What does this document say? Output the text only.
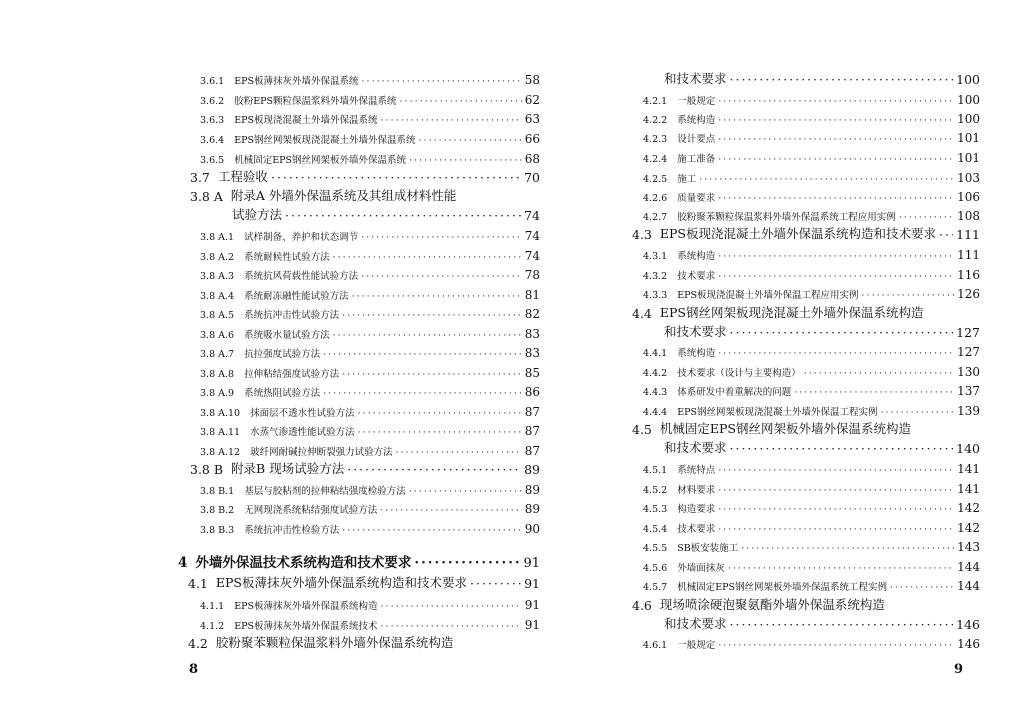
3.6.1 EPS板薄抹灰外墙外保温系统 ·····	58
3.6.2 胶粉EPS颗粒保温浆料外墙外保温系统 ·····	62
3.6.3 EPS板现浇混凝土外墙外保温系统 ·····	63
3.6.4 EPS钢丝网架板现浇混凝土外墙外保温系统 ·····	66
3.6.5 机械固定EPS钢丝网架板外墙外保温系统 ·····	68
3.7 工程验收 ·····	70
3.8 A 附录A 外墙外保温系统及其组成材料性能
试验方法 ·····	74
3.8 A.1 试样制备、养护和状态调节 ·····	74
3.8 A.2 系统耐候性试验方法 ·····	74
3.8 A.3 系统抗风荷载性能试验方法 ·····	78
3.8 A.4 系统耐冻融性能试验方法 ·····	81
3.8 A.5 系统抗冲击性试验方法 ·····	82
3.8 A.6 系统吸水量试验方法 ·····	83
3.8 A.7 抗拉强度试验方法 ·····	83
3.8 A.8 拉伸粘结强度试验方法 ·····	85
3.8 A.9 系统热阻试验方法 ·····	86
3.8 A.10 抹面层不透水性试验方法 ·····	87
3.8 A.11 水蒸气渗透性能试验方法 ·····	87
3.8 A.12 玻纤网耐碱拉伸断裂强力试验方法 ·····	87
3.8 B 附录B 现场试验方法 ·····	89
3.8 B.1 基层与胶粘剂的拉伸粘结强度检验方法 ·····	89
3.8 B.2 无网现浇系统粘结强度试验方法 ·····	89
3.8 B.3 系统抗冲击性检验方法 ·····	90
4 外墙外保温技术系统构造和技术要求 ·····	91
4.1 EPS板薄抹灰外墙外保温系统构造和技术要求 ·····	91
4.1.1 EPS板薄抹灰外墙外保温系统构造 ·····	91
4.1.2 EPS板薄抹灰外墙外保温系统技术 ·····	91
4.2 胶粉聚苯颗粒保温浆料外墙外保温系统构造
8
和技术要求 ·····	100
4.2.1 一般规定 ·····	100
4.2.2 系统构造 ·····	100
4.2.3 设计要点 ·····	101
4.2.4 施工准备 ·····	101
4.2.5 施工 ·····	103
4.2.6 质量要求 ·····	106
4.2.7 胶粉聚苯颗粒保温浆料外墙外保温系统工程应用实例 ·····	108
4.3 EPS板现浇混凝土外墙外保温系统构造和技术要求 ····· 111
4.3.1 系统构造 ·····	111
4.3.2 技术要求 ·····	116
4.3.3 EPS板现浇混凝土外墙外保温工程应用实例 ·····	126
4.4 EPS钢丝网架板现浇混凝土外墙外保温系统构造
和技术要求 ·····	127
4.4.1 系统构造 ·····	127
4.4.2 技术要求（设计与主要构造） ·····	130
4.4.3 体系研发中着重解决的问题 ·····	137
4.4.4 EPS钢丝网架板现浇混凝土外墙外保温工程实例 ·····	139
4.5 机械固定EPS钢丝网架板外墙外保温系统构造
和技术要求 ·····	140
4.5.1 系统特点 ·····	141
4.5.2 材料要求 ·····	141
4.5.3 构造要求 ·····	142
4.5.4 技术要求 ·····	142
4.5.5 SB板安装施工 ·····	143
4.5.6 外墙面抹灰 ·····	144
4.5.7 机械固定EPS钢丝网架板外墙外保温系统工程实例 ·····	144
4.6 现场喷涂硬泡聚氨酯外墙外保温系统构造
和技术要求 ·····	146
4.6.1 一般规定 ·····	146
9
